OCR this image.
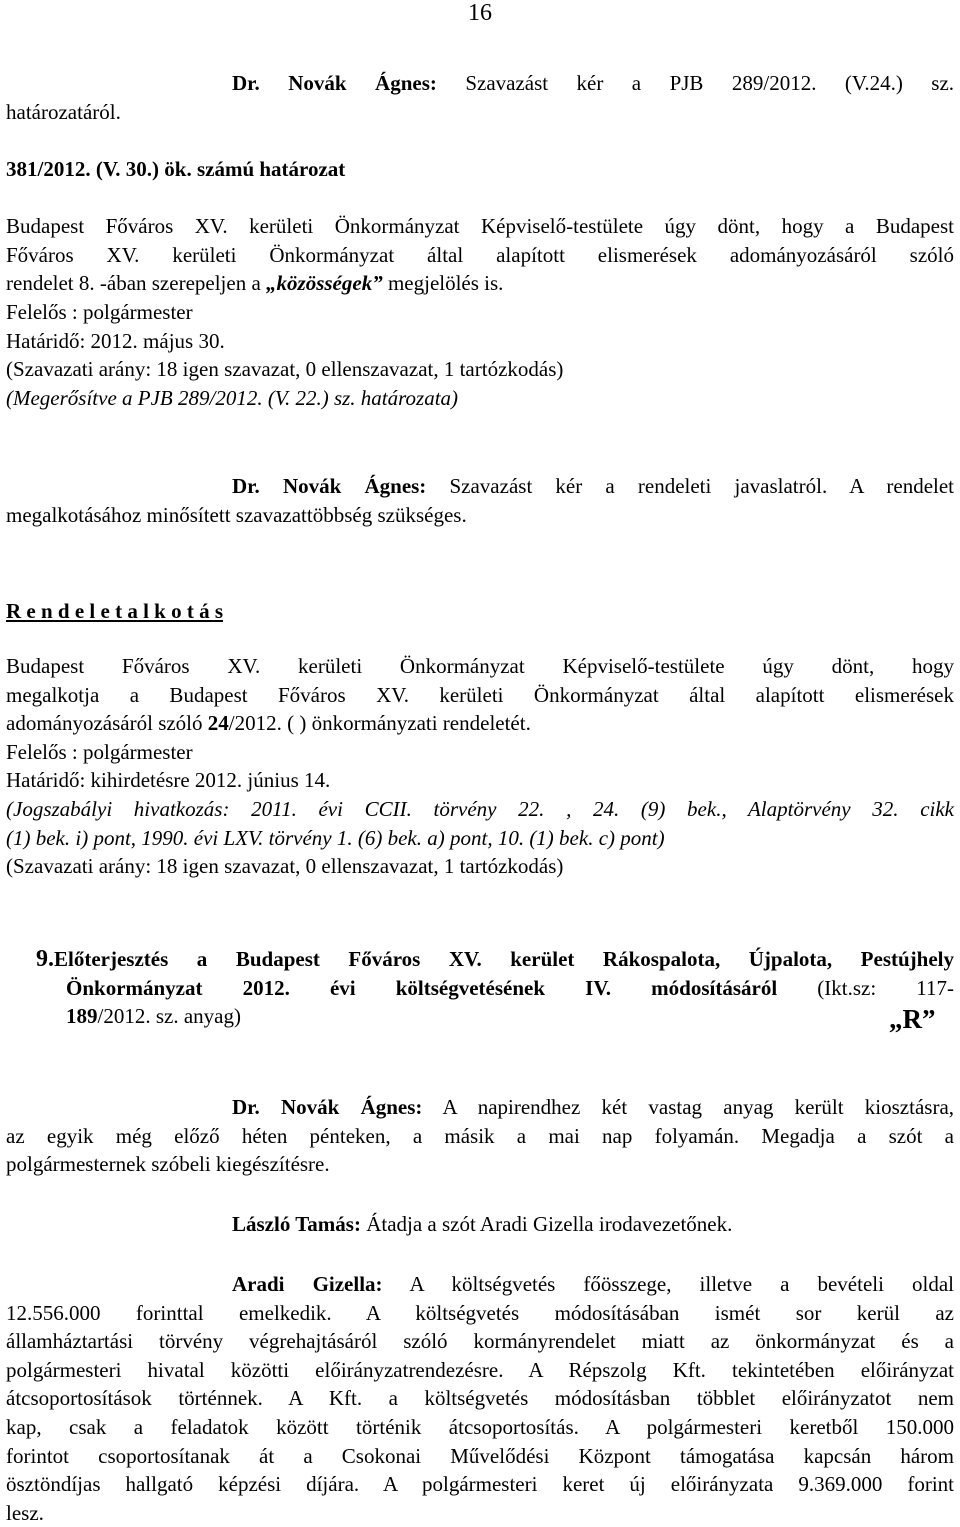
16
Dr. Novák Ágnes: Szavazást kér a PJB 289/2012. (V.24.) sz.
határozatáról.
381/2012. (V. 30.) ök. számú határozat
Budapest Főváros XV. kerületi Önkormányzat Képviselő-testülete úgy dönt, hogy a Budapest
Főváros XV. kerületi Önkormányzat által alapított elismerések adományozásáról szóló
rendelet 8. -ában szerepeljen a „közösségek” megjelölés is.
Felelős : polgármester
Határidő: 2012. május 30.
(Szavazati arány: 18 igen szavazat, 0 ellenszavazat, 1 tartózkodás)
(Megerősítve a PJB 289/2012. (V. 22.) sz. határozata)
Dr. Novák Ágnes: Szavazást kér a rendeleti javaslatról. A rendelet
megalkotásához minősített szavazattöbbség szükséges.
R e n d e l e t a l k o t á s
Budapest Főváros XV. kerületi Önkormányzat Képviselő-testülete úgy dönt, hogy
megalkotja a Budapest Főváros XV. kerületi Önkormányzat által alapított elismerések
adományozásáról szóló 24/2012. ( ) önkormányzati rendeletét.
Felelős : polgármester
Határidő: kihirdetésre 2012. június 14.
(Jogszabályi hivatkozás: 2011. évi CCII. törvény 22. , 24. (9) bek., Alaptörvény 32. cikk
(1) bek. i) pont, 1990. évi LXV. törvény 1. (6) bek. a) pont, 10. (1) bek. c) pont)
(Szavazati arány: 18 igen szavazat, 0 ellenszavazat, 1 tartózkodás)
9.Előterjesztés a Budapest Főváros XV. kerület Rákospalota, Újpalota, Pestújhely
Önkormányzat 2012. évi költségvetésének IV. módosításáról (Ikt.sz: 117-
189/2012. sz. anyag)	„R”
Dr. Novák Ágnes: A napirendhez két vastag anyag került kiosztásra,
az egyik még előző héten pénteken, a másik a mai nap folyamán. Megadja a szót a
polgármesternek szóbeli kiegészítésre.
László Tamás: Átadja a szót Aradi Gizella irodavezetőnek.
Aradi Gizella: A költségvetés főösszege, illetve a bevételi oldal
12.556.000 forinttal emelkedik. A költségvetés módosításában ismét sor kerül az
államháztartási törvény végrehajtásáról szóló kormányrendelet miatt az önkormányzat és a
polgármesteri hivatal közötti előirányzatrendezésre. A Répszolg Kft. tekintetében előirányzat
átcsoportosítások történnek. A Kft. a költségvetés módosításban többlet előirányzatot nem
kap, csak a feladatok között történik átcsoportosítás. A polgármesteri keretből 150.000
forintot csoportosítanak át a Csokonai Művelődési Központ támogatása kapcsán három
ösztöndíjas hallgató képzési díjára. A polgármesteri keret új előirányzata 9.369.000 forint
lesz.
